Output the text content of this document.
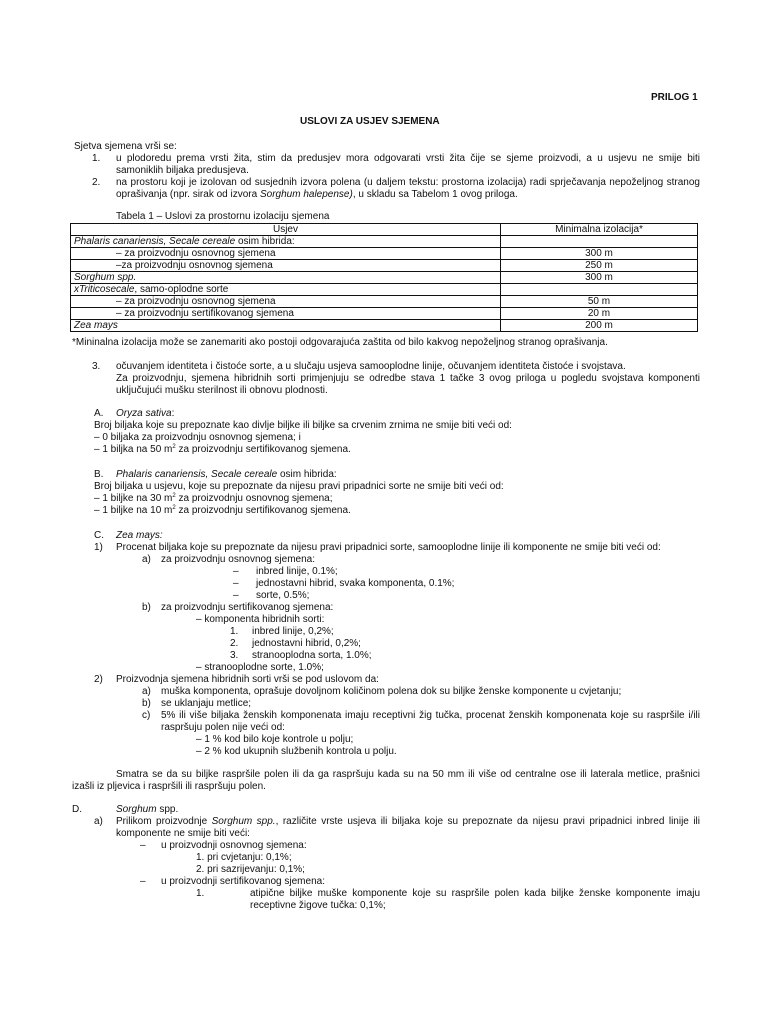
PRILOG 1
USLOVI ZA USJEV SJEMENA
Sjetva sjemena vrši se:
1. u plodoredu prema vrsti žita, stim da predusjev mora odgovarati vrsti žita čije se sjeme proizvodi, a u usjevu ne smije biti
samoniklih biljaka predusjeva.
2. na prostoru koji je izolovan od susjednih izvora polena (u daljem tekstu: prostorna izolacija) radi sprječavanja nepoželjnog stranog
oprašivanja (npr. sirak od izvora Sorghum halepense), u skladu sa Tabelom 1 ovog priloga.
Tabela 1 – Uslovi za prostornu izolaciju sjemena
Usjev	Minimalna izolacija*
Phalaris canariensis, Secale cereale osim hibrida:	
– za proizvodnju osnovnog sjemena	300 m
–za proizvodnju osnovnog sjemena	250 m
Sorghum spp.	300 m
xTriticosecale, samo-oplodne sorte	
– za proizvodnju osnovnog sjemena	50 m
– za proizvodnju sertifikovanog sjemena	20 m
Zea mays	200 m
*Mininalna izolacija može se zanemariti ako postoji odgovarajuća zaštita od bilo kakvog nepoželjnog stranog oprašivanja.
3. očuvanjem identiteta i čistoće sorte, a u slučaju usjeva samooplodne linije, očuvanjem identiteta čistoće i svojstava.
Za proizvodnju, sjemena hibridnih sorti primjenjuju se odredbe stava 1 tačke 3 ovog priloga u pogledu svojstava komponenti
uključujući mušku sterilnost ili obnovu plodnosti.
A. Oryza sativa:
Broj biljaka koje su prepoznate kao divlje biljke ili biljke sa crvenim zrnima ne smije biti veći od:
– 0 biljaka za proizvodnju osnovnog sjemena; i
– 1 biljka na 50 $m^2$ za proizvodnju sertifikovanog sjemena.
B. Phalaris canariensis, Secale cereale osim hibrida:
Broj biljaka u usjevu, koje su prepoznate da nijesu pravi pripadnici sorte ne smije biti veći od:
– 1 biljke na 30 $m^2$ za proizvodnju osnovnog sjemena;
– 1 biljke na 10 $m^2$ za proizvodnju sertifikovanog sjemena.
C. Zea mays:
1) Procenat biljaka koje su prepoznate da nijesu pravi pripadnici sorte, samooplodne linije ili komponente ne smije biti veći od:
a) za proizvodnju osnovnog sjemena:
– inbred linije, 0.1%;
– jednostavni hibrid, svaka komponenta, 0.1%;
– sorte, 0.5%;
b) za proizvodnju sertifikovanog sjemena:
– komponenta hibridnih sorti:
1. inbred linije, 0,2%;
2. jednostavni hibrid, 0,2%;
3. stranooplodna sorta, 1.0%;
– stranooplodne sorte, 1.0%;
2) Proizvodnja sjemena hibridnih sorti vrši se pod uslovom da:
a) muška komponenta, oprašuje dovoljnom količinom polena dok su biljke ženske komponente u cvjetanju;
b) se uklanjaju metlice;
c) 5% ili više biljaka ženskih komponenata imaju receptivni žig tučka, procenat ženskih komponenata koje su raspršile i/ili
raspršuju polen nije veći od:
– 1 % kod bilo koje kontrole u polju;
– 2 % kod ukupnih službenih kontrola u polju.
Smatra se da su biljke raspršile polen ili da ga raspršuju kada su na 50 mm ili više od centralne ose ili laterala metlice, prašnici
izašli iz pljevica i raspršili ili raspršuju polen.
D.	Sorghum spp.
a) Prilikom proizvodnje Sorghum spp., različite vrste usjeva ili biljaka koje su prepoznate da nijesu pravi pripadnici inbred linije ili
komponente ne smije biti veći:
– u proizvodnji osnovnog sjemena:
1. pri cvjetanju: 0,1%;
2. pri sazrijevanju: 0,1%;
– u proizvodnji sertifikovanog sjemena:
1.	atipične biljke muške komponente koje su raspršile polen kada biljke ženske komponente imaju
receptivne žigove tučka: 0,1%;
